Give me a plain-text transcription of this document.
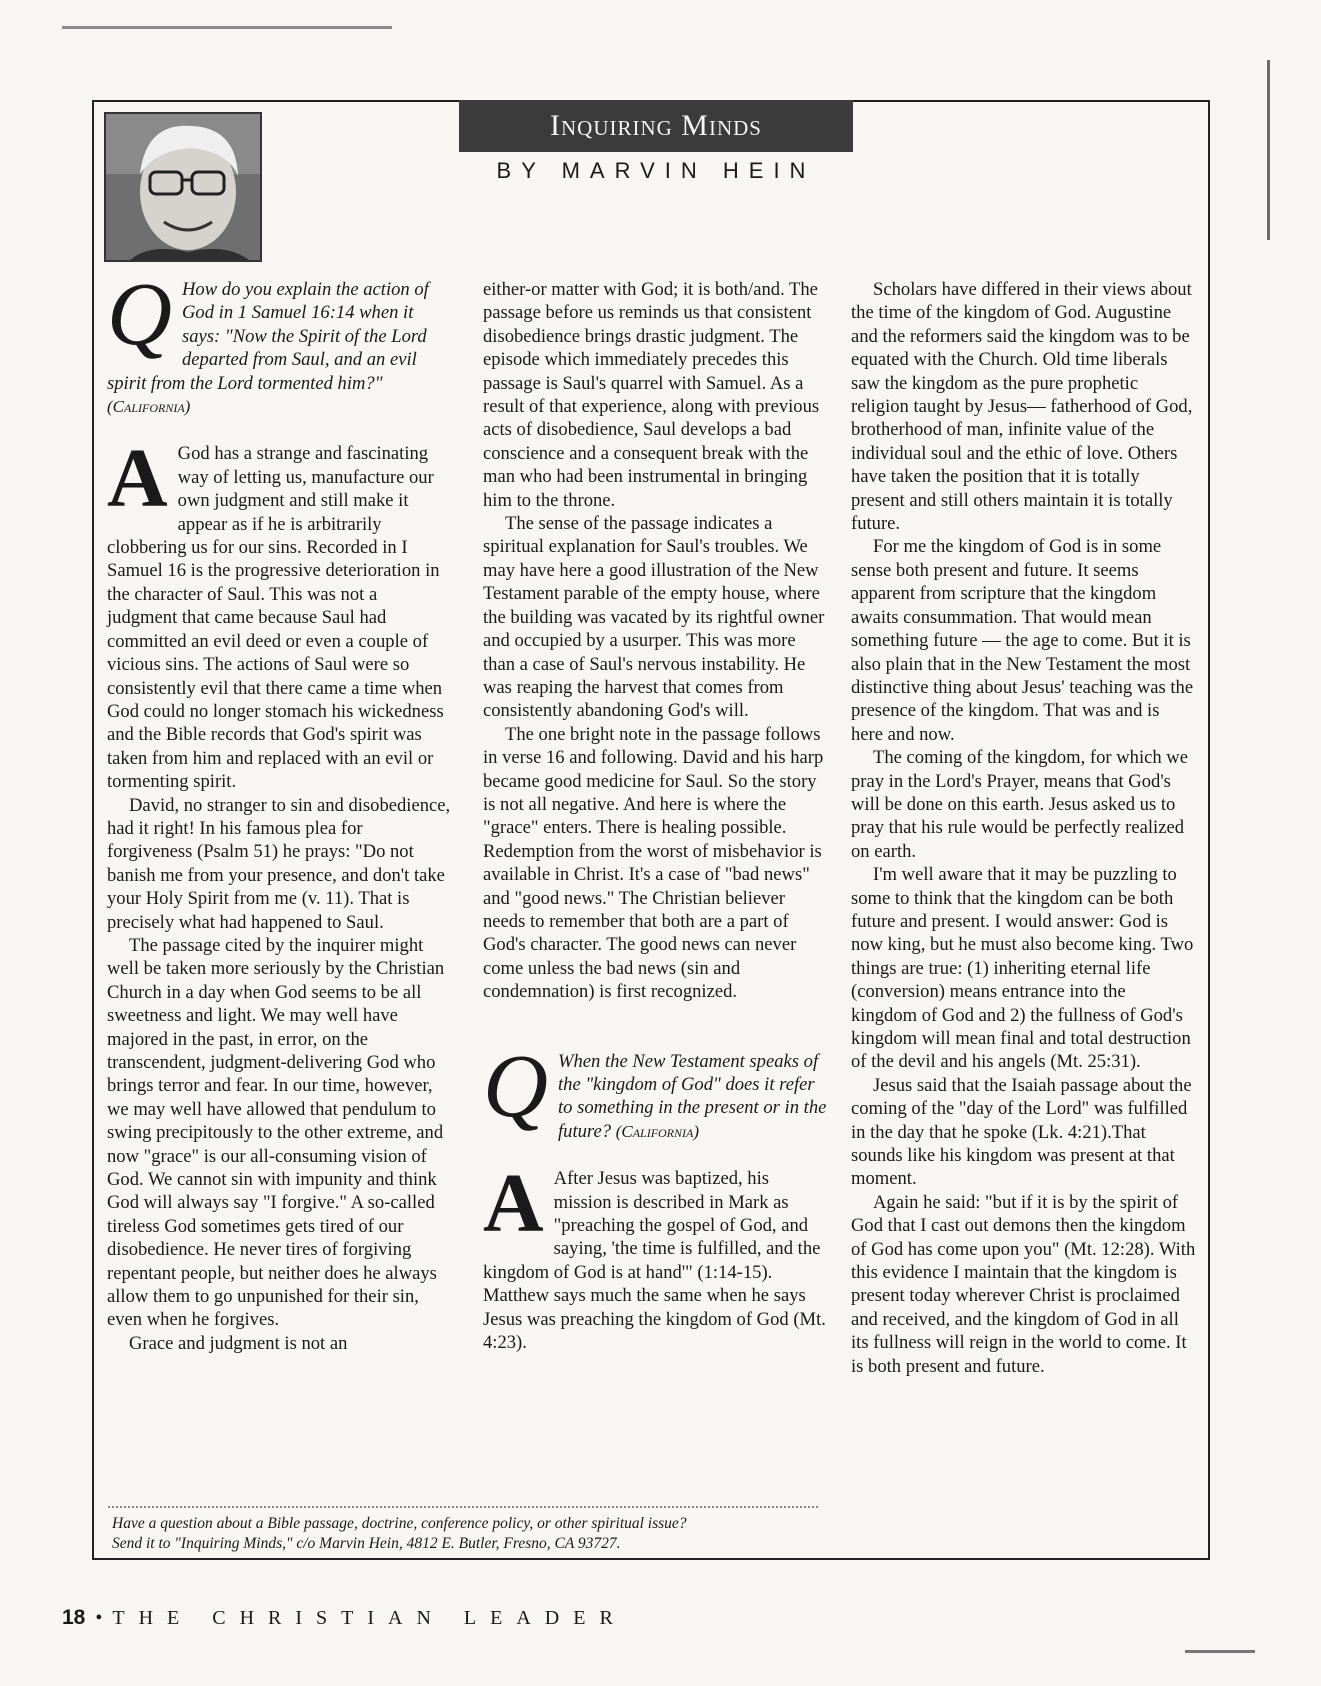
Inquiring Minds
BY MARVIN HEIN
Q How do you explain the action of God in 1 Samuel 16:14 when it says: "Now the Spirit of the Lord departed from Saul, and an evil spirit from the Lord tormented him?" (California)

A God has a strange and fascinating way of letting us, manufacture our own judgment and still make it appear as if he is arbitrarily clobbering us for our sins. Recorded in I Samuel 16 is the progressive deterioration in the character of Saul. This was not a judgment that came because Saul had committed an evil deed or even a couple of vicious sins. The actions of Saul were so consistently evil that there came a time when God could no longer stomach his wickedness and the Bible records that God's spirit was taken from him and replaced with an evil or tormenting spirit.

David, no stranger to sin and disobedience, had it right! In his famous plea for forgiveness (Psalm 51) he prays: "Do not banish me from your presence, and don't take your Holy Spirit from me (v. 11). That is precisely what had happened to Saul.

The passage cited by the inquirer might well be taken more seriously by the Christian Church in a day when God seems to be all sweetness and light. We may well have majored in the past, in error, on the transcendent, judgment-delivering God who brings terror and fear. In our time, however, we may well have allowed that pendulum to swing precipitously to the other extreme, and now "grace" is our all-consuming vision of God. We cannot sin with impunity and think God will always say "I forgive." A so-called tireless God sometimes gets tired of our disobedience. He never tires of forgiving repentant people, but neither does he always allow them to go unpunished for their sin, even when he forgives.

Grace and judgment is not an

either-or matter with God; it is both/and. The passage before us reminds us that consistent disobedience brings drastic judgment. The episode which immediately precedes this passage is Saul's quarrel with Samuel. As a result of that experience, along with previous acts of disobedience, Saul develops a bad conscience and a consequent break with the man who had been instrumental in bringing him to the throne.

The sense of the passage indicates a spiritual explanation for Saul's troubles. We may have here a good illustration of the New Testament parable of the empty house, where the building was vacated by its rightful owner and occupied by a usurper. This was more than a case of Saul's nervous instability. He was reaping the harvest that comes from consistently abandoning God's will.

The one bright note in the passage follows in verse 16 and following. David and his harp became good medicine for Saul. So the story is not all negative. And here is where the "grace" enters. There is healing possible. Redemption from the worst of misbehavior is available in Christ. It's a case of "bad news" and "good news." The Christian believer needs to remember that both are a part of God's character. The good news can never come unless the bad news (sin and condemnation) is first recognized.

Q When the New Testament speaks of the "kingdom of God" does it refer to something in the present or in the future? (California)

A After Jesus was baptized, his mission is described in Mark as "preaching the gospel of God, and saying, 'the time is fulfilled, and the kingdom of God is at hand'" (1:14-15). Matthew says much the same when he says Jesus was preaching the kingdom of God (Mt. 4:23).

Scholars have differed in their views about the time of the kingdom of God. Augustine and the reformers said the kingdom was to be equated with the Church. Old time liberals saw the kingdom as the pure prophetic religion taught by Jesus— fatherhood of God, brotherhood of man, infinite value of the individual soul and the ethic of love. Others have taken the position that it is totally present and still others maintain it is totally future.

For me the kingdom of God is in some sense both present and future. It seems apparent from scripture that the kingdom awaits consummation. That would mean something future — the age to come. But it is also plain that in the New Testament the most distinctive thing about Jesus' teaching was the presence of the kingdom. That was and is here and now.

The coming of the kingdom, for which we pray in the Lord's Prayer, means that God's will be done on this earth. Jesus asked us to pray that his rule would be perfectly realized on earth.

I'm well aware that it may be puzzling to some to think that the kingdom can be both future and present. I would answer: God is now king, but he must also become king. Two things are true: (1) inheriting eternal life (conversion) means entrance into the kingdom of God and 2) the fullness of God's kingdom will mean final and total destruction of the devil and his angels (Mt. 25:31).

Jesus said that the Isaiah passage about the coming of the "day of the Lord" was fulfilled in the day that he spoke (Lk. 4:21).That sounds like his kingdom was present at that moment.

Again he said: "but if it is by the spirit of God that I cast out demons then the kingdom of God has come upon you" (Mt. 12:28). With this evidence I maintain that the kingdom is present today wherever Christ is proclaimed and received, and the kingdom of God in all its fullness will reign in the world to come. It is both present and future.

Have a question about a Bible passage, doctrine, conference policy, or other spiritual issue?
Send it to "Inquiring Minds," c/o Marvin Hein, 4812 E. Butler, Fresno, CA 93727.
18 • THE CHRISTIAN LEADER
